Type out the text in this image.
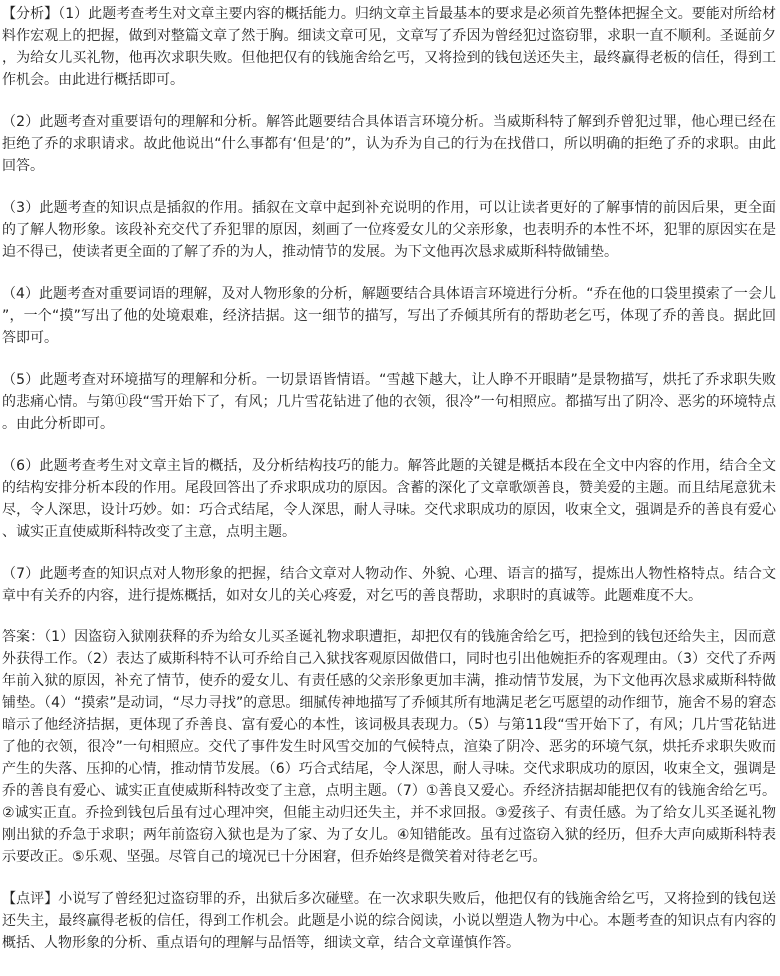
【分析】（1）此题考查考生对文章主要内容的概括能力。归纳文章主旨最基本的要求是必须首先整体把握全文。要能对所给材料作宏观上的把握，做到对整篇文章了然于胸。细读文章可见，文章写了乔因为曾经犯过盗窃罪，求职一直不顺利。圣诞前夕，为给女儿买礼物，他再次求职失败。但他把仅有的钱施舍给乞丐，又将捡到的钱包送还失主，最终赢得老板的信任，得到工作机会。由此进行概括即可。

（2）此题考查对重要语句的理解和分析。解答此题要结合具体语言环境分析。当威斯科特了解到乔曾犯过罪，他心理已经在拒绝了乔的求职请求。故此他说出“什么事都有‘但是’的”，认为乔为自己的行为在找借口，所以明确的拒绝了乔的求职。由此回答。

（3）此题考查的知识点是插叙的作用。插叙在文章中起到补充说明的作用，可以让读者更好的了解事情的前因后果，更全面的了解人物形象。该段补充交代了乔犯罪的原因，刻画了一位疼爱女儿的父亲形象，也表明乔的本性不坏，犯罪的原因实在是迫不得已，使读者更全面的了解了乔的为人，推动情节的发展。为下文他再次恳求威斯科特做铺垫。

（4）此题考查对重要词语的理解，及对人物形象的分析，解题要结合具体语言环境进行分析。“乔在他的口袋里摸索了一会儿”，一个“摸”写出了他的处境艰难，经济拮据。这一细节的描写，写出了乔倾其所有的帮助老乞丐，体现了乔的善良。据此回答即可。

（5）此题考查对环境描写的理解和分析。一切景语皆情语。“雪越下越大，让人睁不开眼睛”是景物描写，烘托了乔求职失败的悲痛心情。与第⑪段“雪开始下了，有风；几片雪花钻进了他的衣领，很冷”一句相照应。都描写出了阴冷、恶劣的环境特点。由此分析即可。

（6）此题考查考生对文章主旨的概括，及分析结构技巧的能力。解答此题的关键是概括本段在全文中内容的作用，结合全文的结构安排分析本段的作用。尾段回答出了乔求职成功的原因。含蓄的深化了文章歌颂善良，赞美爱的主题。而且结尾意犹未尽，令人深思，设计巧妙。如：巧合式结尾，令人深思，耐人寻味。交代求职成功的原因，收束全文，强调是乔的善良有爱心、诚实正直使威斯科特改变了主意，点明主题。

（7）此题考查的知识点对人物形象的把握，结合文章对人物动作、外貌、心理、语言的描写，提炼出人物性格特点。结合文章中有关乔的内容，进行提炼概括，如对女儿的关心疼爱，对乞丐的善良帮助，求职时的真诚等。此题难度不大。

答案：（1）因盗窃入狱刚获释的乔为给女儿买圣诞礼物求职遭拒，却把仅有的钱施舍给乞丐，把捡到的钱包还给失主，因而意外获得工作。（2）表达了威斯科特不认可乔给自己入狱找客观原因做借口，同时也引出他婉拒乔的客观理由。（3）交代了乔两年前入狱的原因，补充了情节，使乔的爱女儿、有责任感的父亲形象更加丰满，推动情节发展，为下文他再次恳求威斯科特做铺垫。（4）“摸索”是动词，“尽力寻找”的意思。细腻传神地描写了乔倾其所有地满足老乞丐愿望的动作细节，施舍不易的窘态暗示了他经济拮据，更体现了乔善良、富有爱心的本性，该词极具表现力。（5）与第11段“雪开始下了，有风；几片雪花钻进了他的衣领，很冷”一句相照应。交代了事件发生时风雪交加的气候特点，渲染了阴冷、恶劣的环境气氛，烘托乔求职失败而产生的失落、压抑的心情，推动情节发展。（6）巧合式结尾，令人深思，耐人寻味。交代求职成功的原因，收束全文，强调是乔的善良有爱心、诚实正直使威斯科特改变了主意，点明主题。（7）①善良又爱心。乔经济拮据却能把仅有的钱施舍给乞丐。②诚实正直。乔捡到钱包后虽有过心理冲突，但能主动归还失主，并不求回报。③爱孩子、有责任感。为了给女儿买圣诞礼物刚出狱的乔急于求职；两年前盗窃入狱也是为了家、为了女儿。④知错能改。虽有过盗窃入狱的经历，但乔大声向威斯科特表示要改正。⑤乐观、坚强。尽管自己的境况已十分困窘，但乔始终是微笑着对待老乞丐。

【点评】小说写了曾经犯过盗窃罪的乔，出狱后多次碰壁。在一次求职失败后，他把仅有的钱施舍给乞丐，又将捡到的钱包送还失主，最终赢得老板的信任，得到工作机会。此题是小说的综合阅读，小说以塑造人物为中心。本题考查的知识点有内容的概括、人物形象的分析、重点语句的理解与品悟等，细读文章，结合文章谨慎作答。
